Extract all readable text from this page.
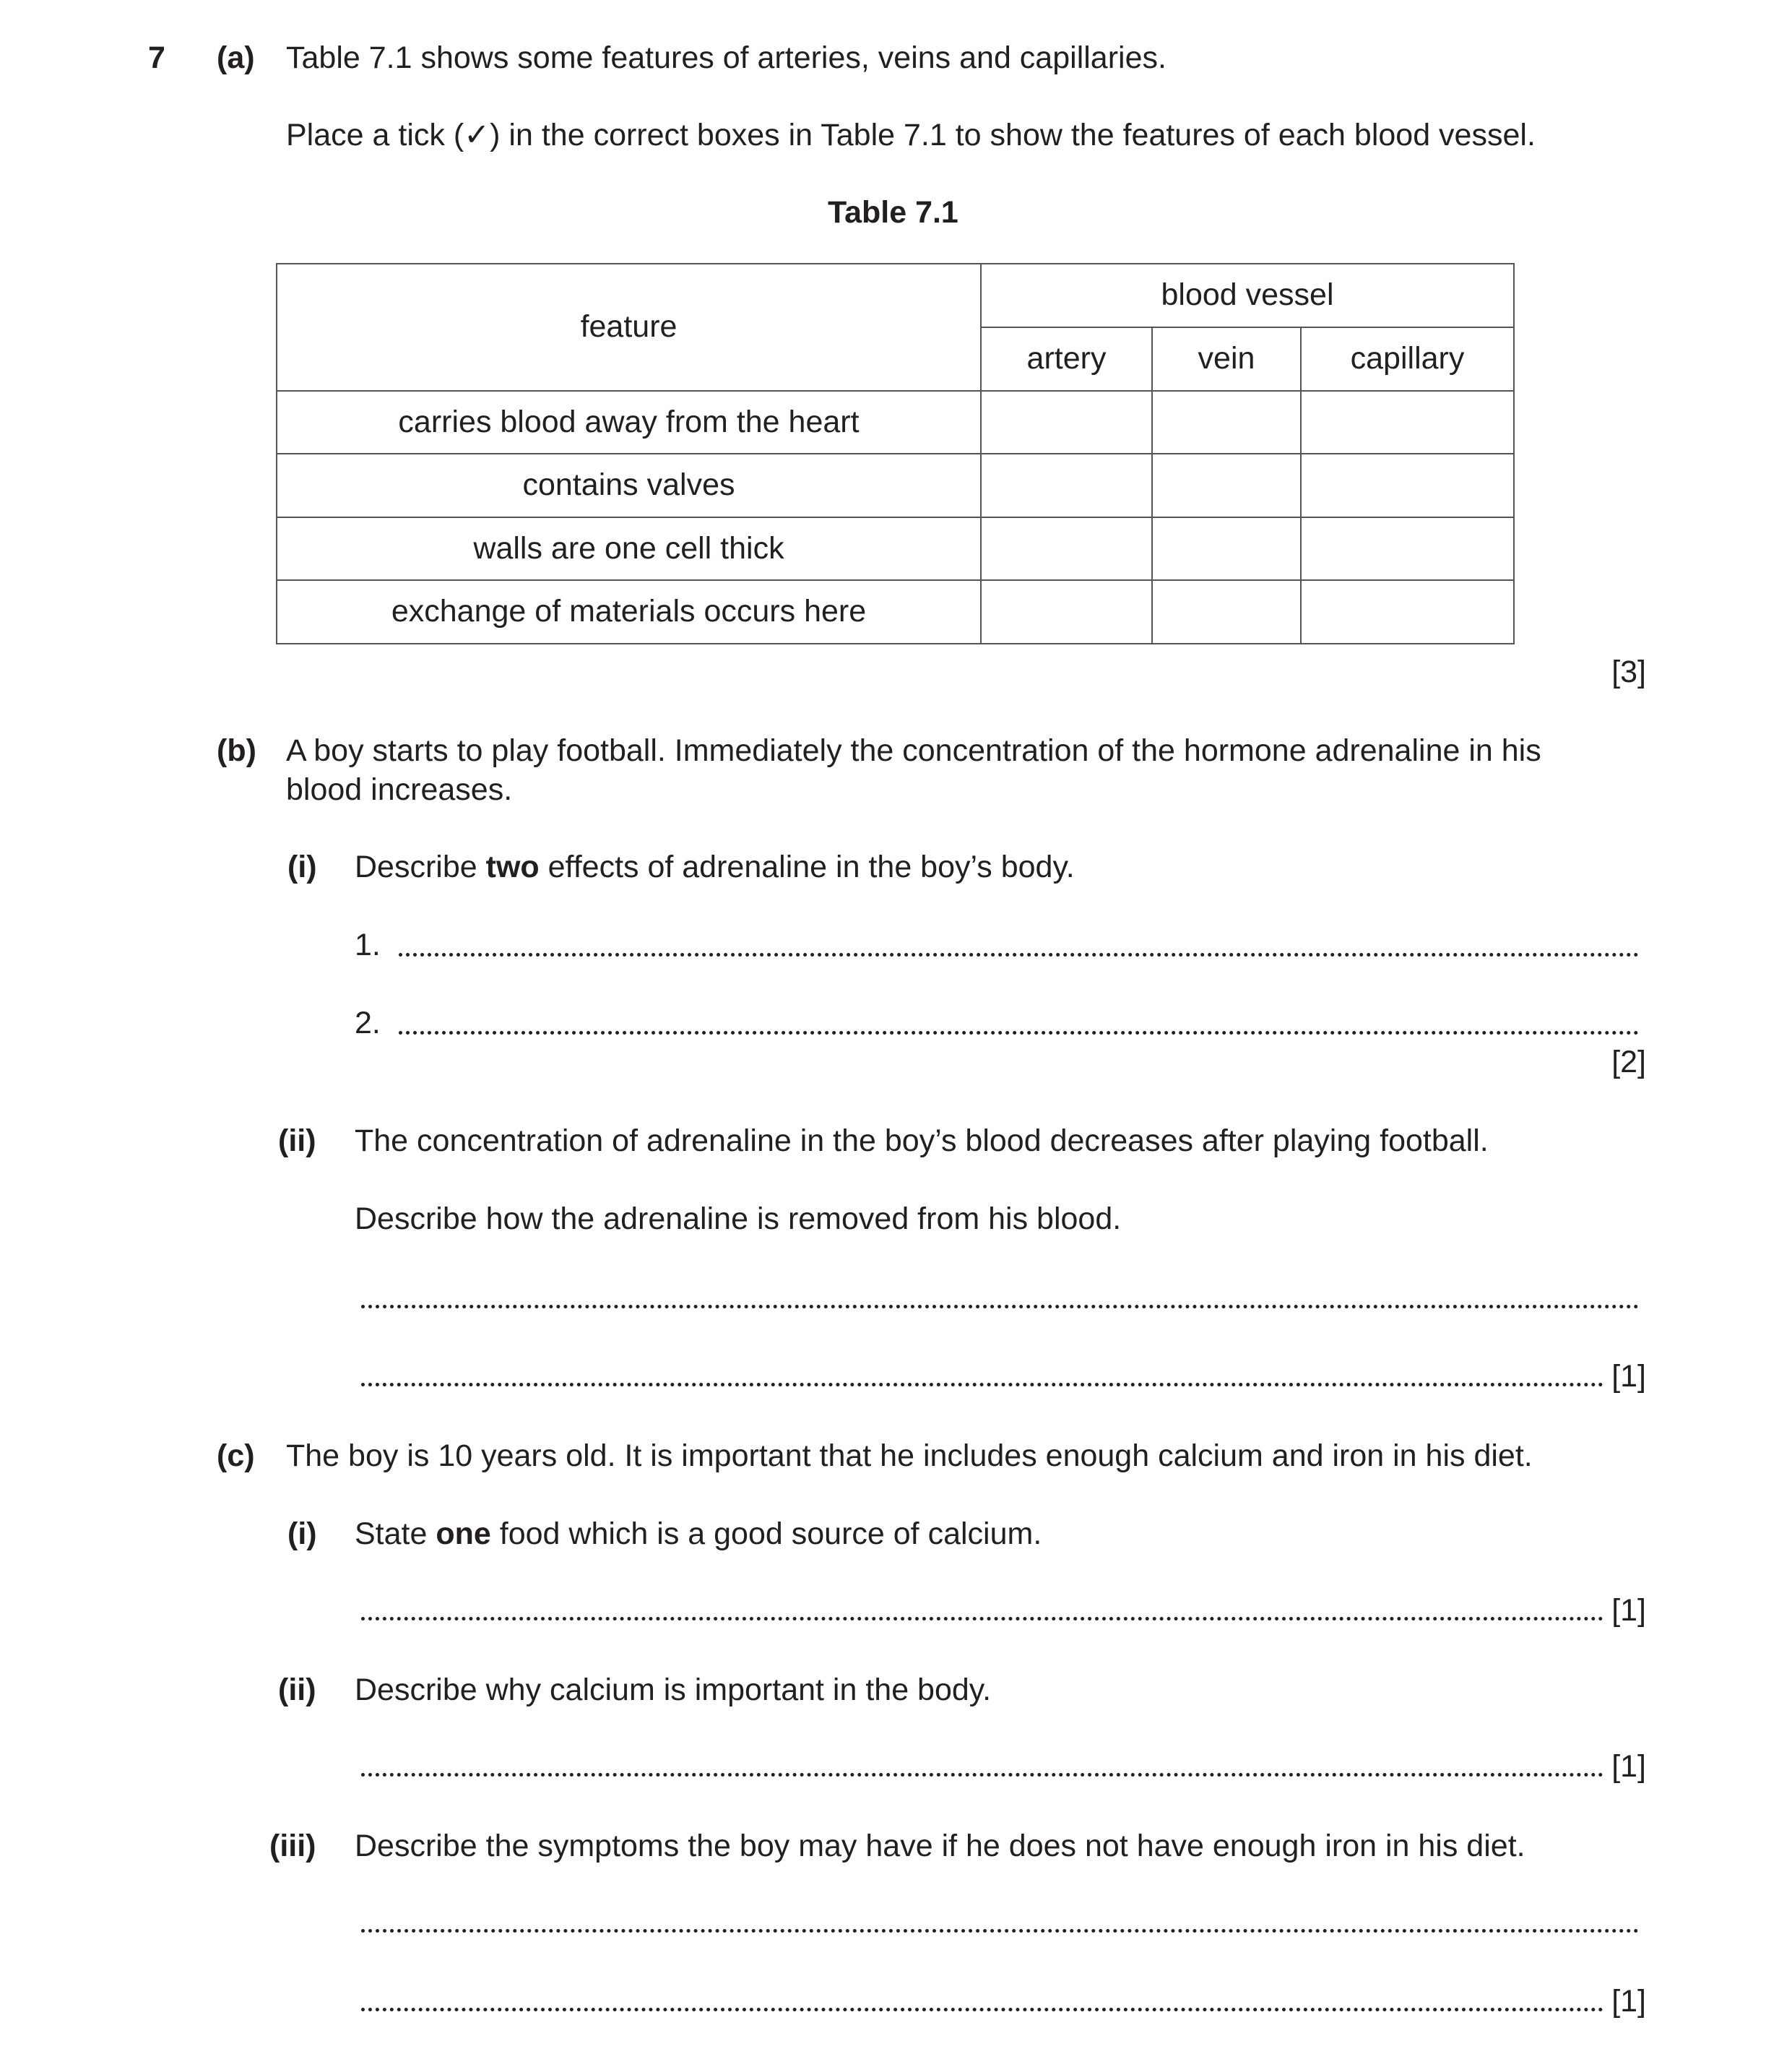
7 (a) Table 7.1 shows some features of arteries, veins and capillaries.
Place a tick (✓) in the correct boxes in Table 7.1 to show the features of each blood vessel.
Table 7.1
feature	blood vessel		
	artery	vein	capillary
carries blood away from the heart			
contains valves			
walls are one cell thick			
exchange of materials occurs here			
[3]
(b) A boy starts to play football. Immediately the concentration of the hormone adrenaline in his
blood increases.
(i) Describe two effects of adrenaline in the boy’s body.
1.
2.
[2]
(ii) The concentration of adrenaline in the boy’s blood decreases after playing football.
Describe how the adrenaline is removed from his blood.
[1]
(c) The boy is 10 years old. It is important that he includes enough calcium and iron in his diet.
(i) State one food which is a good source of calcium.
[1]
(ii) Describe why calcium is important in the body.
[1]
(iii) Describe the symptoms the boy may have if he does not have enough iron in his diet.
[1]
